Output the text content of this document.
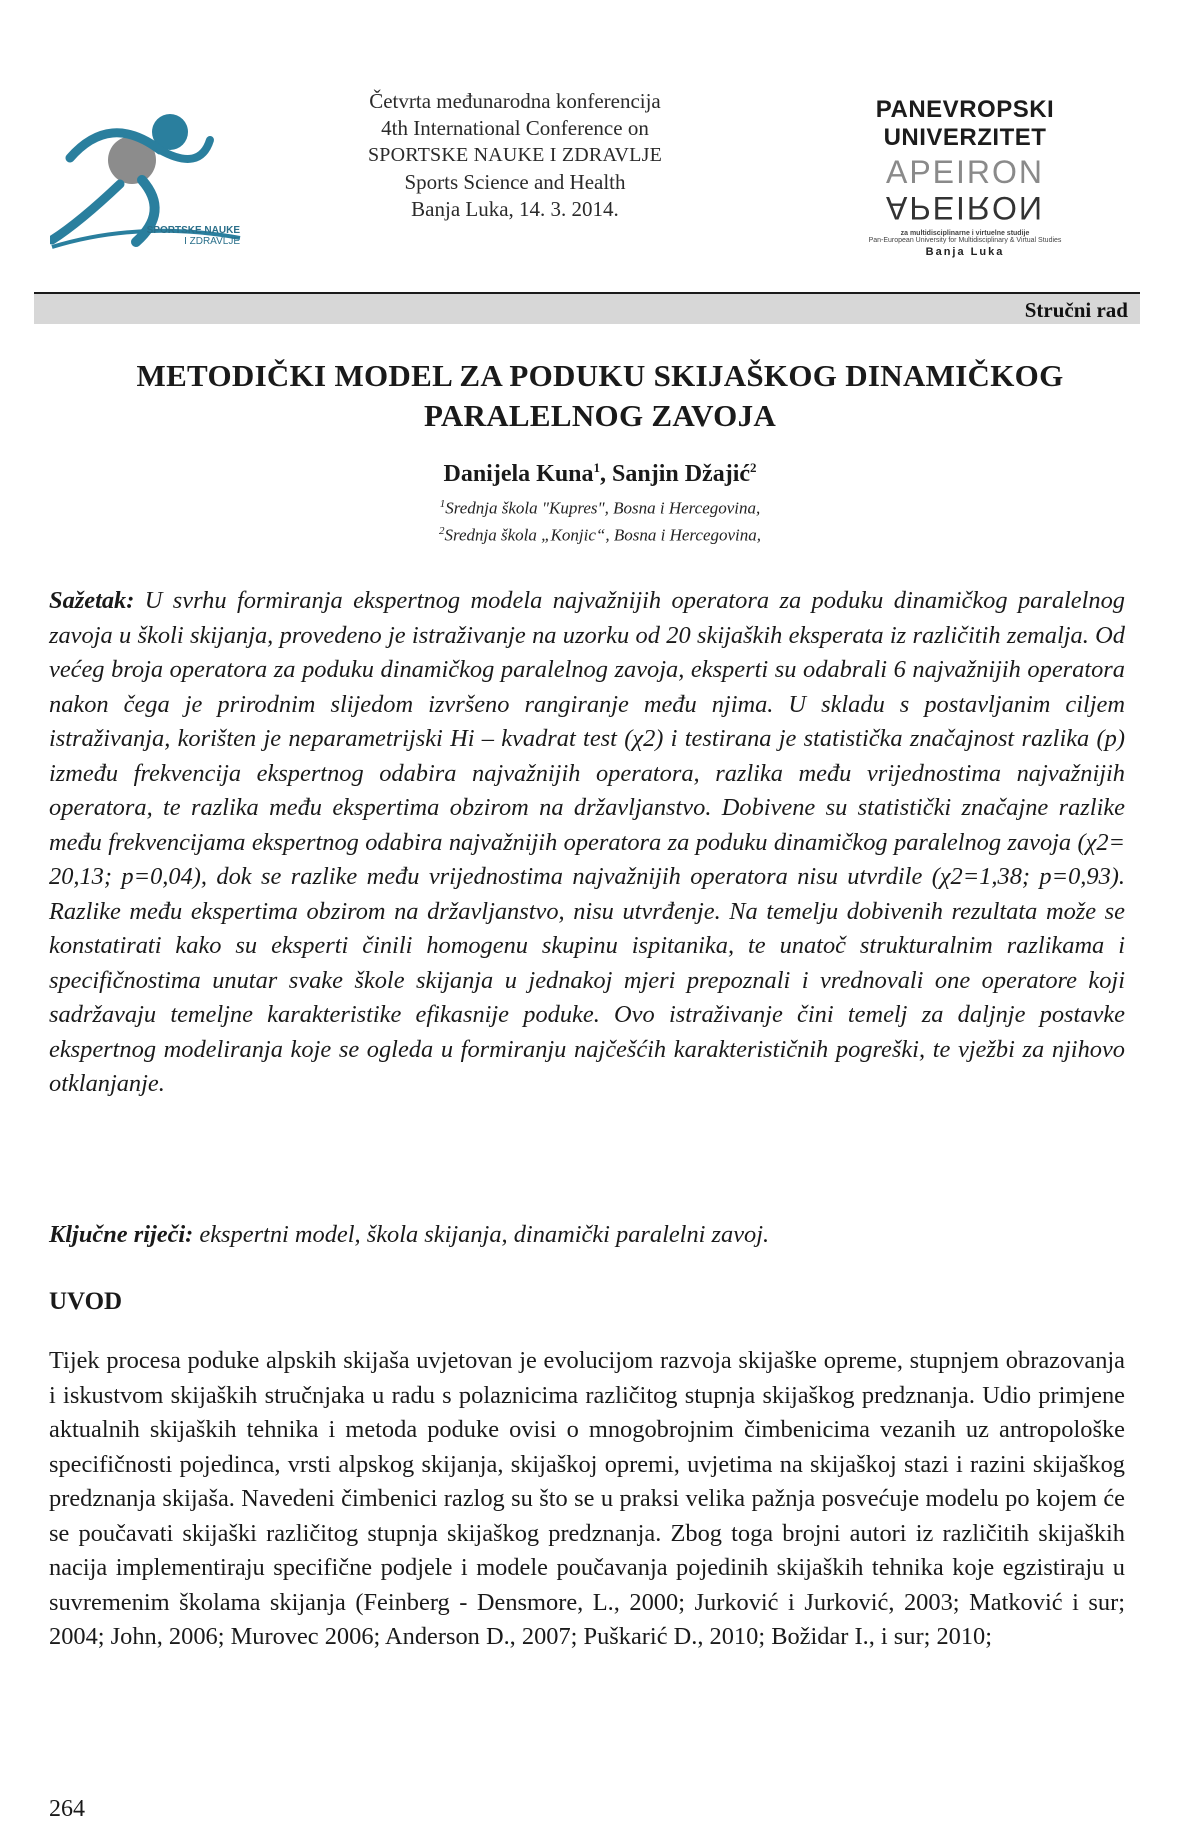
SPORTSKE NAUKE
I ZDRAVLJE
Četvrta međunarodna konferencija
4th International Conference on
SPORTSKE NAUKE I ZDRAVLJE
Sports Science and Health
Banja Luka, 14. 3. 2014.
PANEVROPSKI UNIVERZITET
APEIRON
APEIRON
za multidisciplinarne i virtuelne studije
Pan-European University for Multidisciplinary & Virtual Studies
Banja Luka
Stručni rad
METODIČKI MODEL ZA PODUKU SKIJAŠKOG DINAMIČKOG
PARALELNOG ZAVOJA
Danijela Kuna$^1$, Sanjin Džajić$^2$
$^1$Srednja škola "Kupres", Bosna i Hercegovina,
$^2$Srednja škola „Konjic“, Bosna i Hercegovina,
Sažetak: U svrhu formiranja ekspertnog modela najvažnijih operatora za poduku dinamičkog paralelnog zavoja u školi skijanja, provedeno je istraživanje na uzorku od 20 skijaških eksperata iz različitih zemalja. Od većeg broja operatora za poduku dinamičkog paralelnog zavoja, eksperti su odabrali 6 najvažnijih operatora nakon čega je prirodnim slijedom izvršeno rangiranje među njima. U skladu s postavljanim ciljem istraživanja, korišten je neparametrijski Hi – kvadrat test (χ2) i testirana je statistička značajnost razlika (p) između frekvencija ekspertnog odabira najvažnijih operatora, razlika među vrijednostima najvažnijih operatora, te razlika među ekspertima obzirom na državljanstvo. Dobivene su statistički značajne razlike među frekvencijama ekspertnog odabira najvažnijih operatora za poduku dinamičkog paralelnog zavoja (χ2= 20,13; p=0,04), dok se razlike među vrijednostima najvažnijih operatora nisu utvrdile (χ2=1,38; p=0,93). Razlike među ekspertima obzirom na državljanstvo, nisu utvrđenje. Na temelju dobivenih rezultata može se konstatirati kako su eksperti činili homogenu skupinu ispitanika, te unatoč strukturalnim razlikama i specifičnostima unutar svake škole skijanja u jednakoj mjeri prepoznali i vrednovali one operatore koji sadržavaju temeljne karakteristike efikasnije poduke. Ovo istraživanje čini temelj za daljnje postavke ekspertnog modeliranja koje se ogleda u formiranju najčešćih karakterističnih pogreški, te vježbi za njihovo otklanjanje.
Ključne riječi: ekspertni model, škola skijanja, dinamički paralelni zavoj.
UVOD
Tijek procesa poduke alpskih skijaša uvjetovan je evolucijom razvoja skijaške opreme, stupnjem obrazovanja i iskustvom skijaških stručnjaka u radu s polaznicima različitog stupnja skijaškog predznanja. Udio primjene aktualnih skijaških tehnika i metoda poduke ovisi o mnogobrojnim čimbenicima vezanih uz antropološke specifičnosti pojedinca, vrsti alpskog skijanja, skijaškoj opremi, uvjetima na skijaškoj stazi i razini skijaškog predznanja skijaša. Navedeni čimbenici razlog su što se u praksi velika pažnja posvećuje modelu po kojem će se poučavati skijaški različitog stupnja skijaškog predznanja. Zbog toga brojni autori iz različitih skijaških nacija implementiraju specifične podjele i modele poučavanja pojedinih skijaških tehnika koje egzistiraju u suvremenim školama skijanja (Feinberg - Densmore, L., 2000; Jurković i Jurković, 2003; Matković i sur; 2004; John, 2006; Murovec 2006; Anderson D., 2007; Puškarić D., 2010; Božidar I., i sur; 2010;
264
